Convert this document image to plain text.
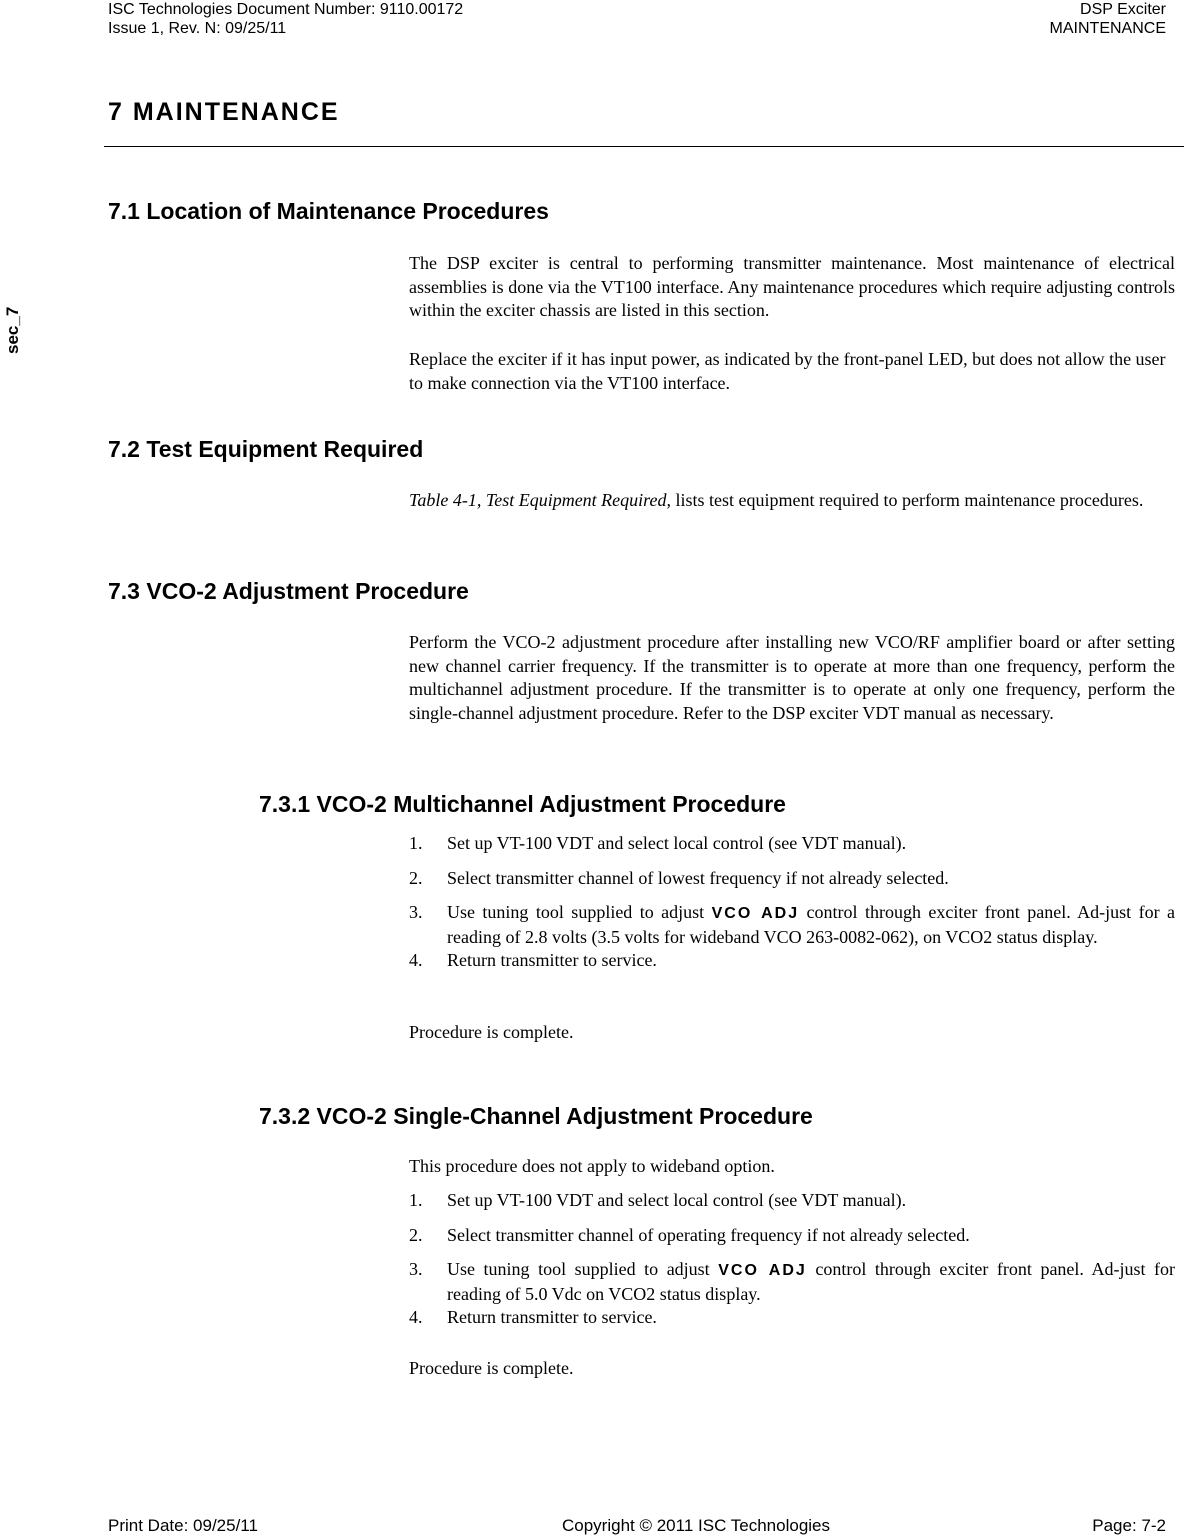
ISC Technologies Document Number: 9110.00172
Issue 1, Rev. N: 09/25/11
DSP Exciter
MAINTENANCE
sec_7
7 MAINTENANCE
7.1 Location of Maintenance Procedures
The DSP exciter is central to performing transmitter maintenance. Most maintenance of electrical assemblies is done via the VT100 interface. Any maintenance procedures which require adjusting controls within the exciter chassis are listed in this section.
Replace the exciter if it has input power, as indicated by the front-panel LED, but does not allow the user to make connection via the VT100 interface.
7.2 Test Equipment Required
Table 4-1, Test Equipment Required, lists test equipment required to perform maintenance procedures.
7.3 VCO-2 Adjustment Procedure
Perform the VCO-2 adjustment procedure after installing new VCO/RF amplifier board or after setting new channel carrier frequency. If the transmitter is to operate at more than one frequency, perform the multichannel adjustment procedure. If the transmitter is to operate at only one frequency, perform the single-channel adjustment procedure. Refer to the DSP exciter VDT manual as necessary.
7.3.1 VCO-2 Multichannel Adjustment Procedure
1. Set up VT-100 VDT and select local control (see VDT manual).
2. Select transmitter channel of lowest frequency if not already selected.
3. Use tuning tool supplied to adjust VCO ADJ control through exciter front panel. Ad-just for a reading of 2.8 volts (3.5 volts for wideband VCO 263-0082-062), on VCO2 status display.
4. Return transmitter to service.
Procedure is complete.
7.3.2 VCO-2 Single-Channel Adjustment Procedure
This procedure does not apply to wideband option.
1. Set up VT-100 VDT and select local control (see VDT manual).
2. Select transmitter channel of operating frequency if not already selected.
3. Use tuning tool supplied to adjust VCO ADJ control through exciter front panel. Ad-just for reading of 5.0 Vdc on VCO2 status display.
4. Return transmitter to service.
Procedure is complete.
Print Date: 09/25/11	Copyright © 2011 ISC Technologies	Page: 7-2
